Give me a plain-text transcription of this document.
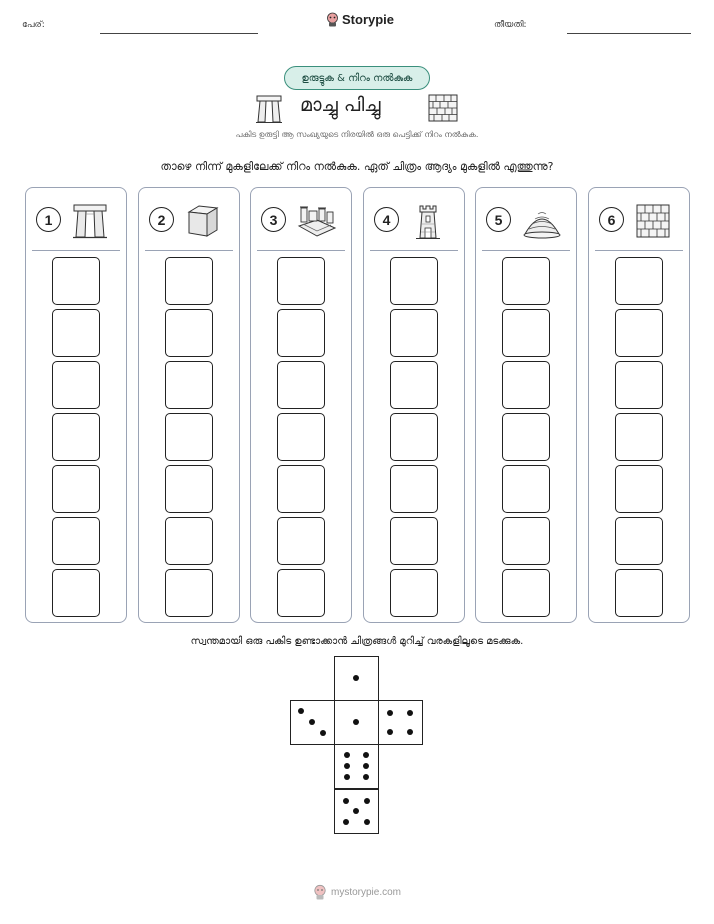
പേര്:	Storypie	തീയതി:
ഉരുട്ടുക & നിറം നൽകുക
മാച്ചു പിച്ചു
പകിട ഉരുട്ടി ആ സംഖ്യയുടെ നിരയിൽ ഒരു പെട്ടിക്ക് നിറം നൽകുക.
താഴെ നിന്ന് മുകളിലേക്ക് നിറം നൽകുക. ഏത് ചിത്രം ആദ്യം മുകളിൽ എത്തുന്നു?
1	2	3	4	5	6
സ്വന്തമായി ഒരു പകിട ഉണ്ടാക്കാൻ ചിത്രങ്ങൾ മുറിച്ച് വരകളിലൂടെ മടക്കുക.
mystorypie.com
